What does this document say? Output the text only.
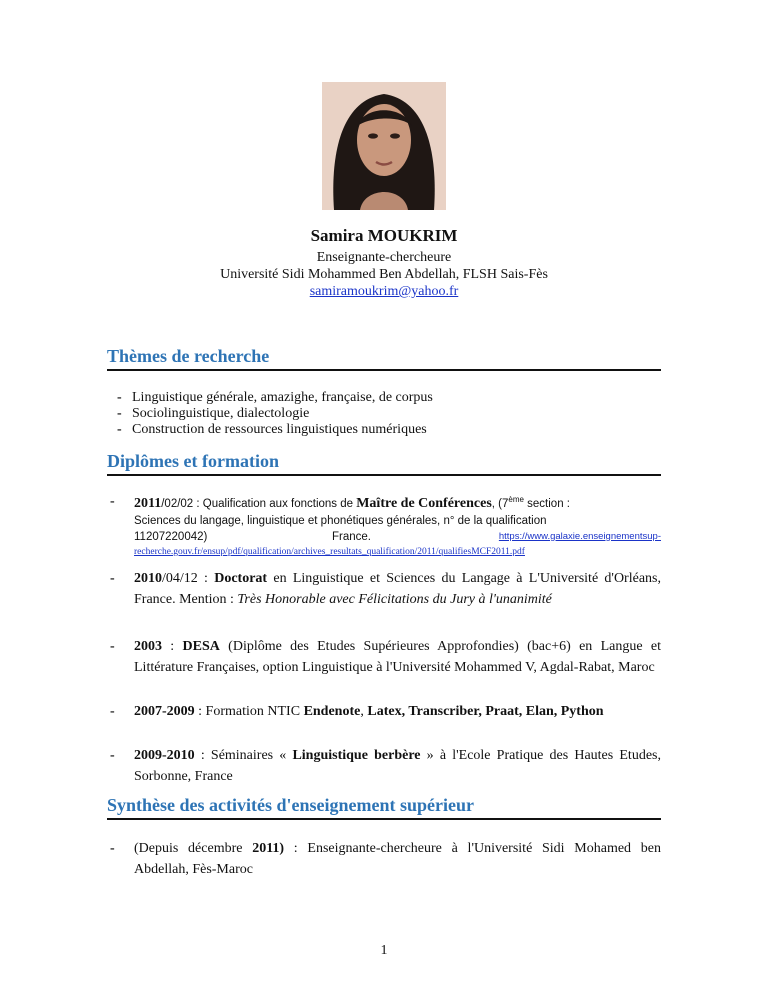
Samira MOUKRIM
Enseignante-chercheure
Université Sidi Mohammed Ben Abdellah, FLSH Sais-Fès
samiramoukrim@yahoo.fr
Thèmes de recherche
- Linguistique générale, amazighe, française, de corpus
- Sociolinguistique, dialectologie
- Construction de ressources linguistiques numériques
Diplômes et formation
- 2011/02/02 : Qualification aux fonctions de Maître de Conférences, (7ème section :
Sciences du langage, linguistique et phonétiques générales, n° de la qualification
11207220042)	France.	https://www.galaxie.enseignementsup-
recherche.gouv.fr/ensup/pdf/qualification/archives_resultats_qualification/2011/qualifiesMCF2011.pdf
- 2010/04/12 : Doctorat en Linguistique et Sciences du Langage à L'Université d'Orléans, France. Mention : Très Honorable avec Félicitations du Jury à l'unanimité
- 2003 : DESA (Diplôme des Etudes Supérieures Approfondies) (bac+6) en Langue et Littérature Françaises, option Linguistique à l'Université Mohammed V, Agdal-Rabat, Maroc
- 2007-2009 : Formation NTIC Endenote, Latex, Transcriber, Praat, Elan, Python
- 2009-2010 : Séminaires « Linguistique berbère » à l'Ecole Pratique des Hautes Etudes, Sorbonne, France
Synthèse des activités d'enseignement supérieur
- (Depuis décembre 2011) : Enseignante-chercheure à l'Université Sidi Mohamed ben Abdellah, Fès-Maroc
1
